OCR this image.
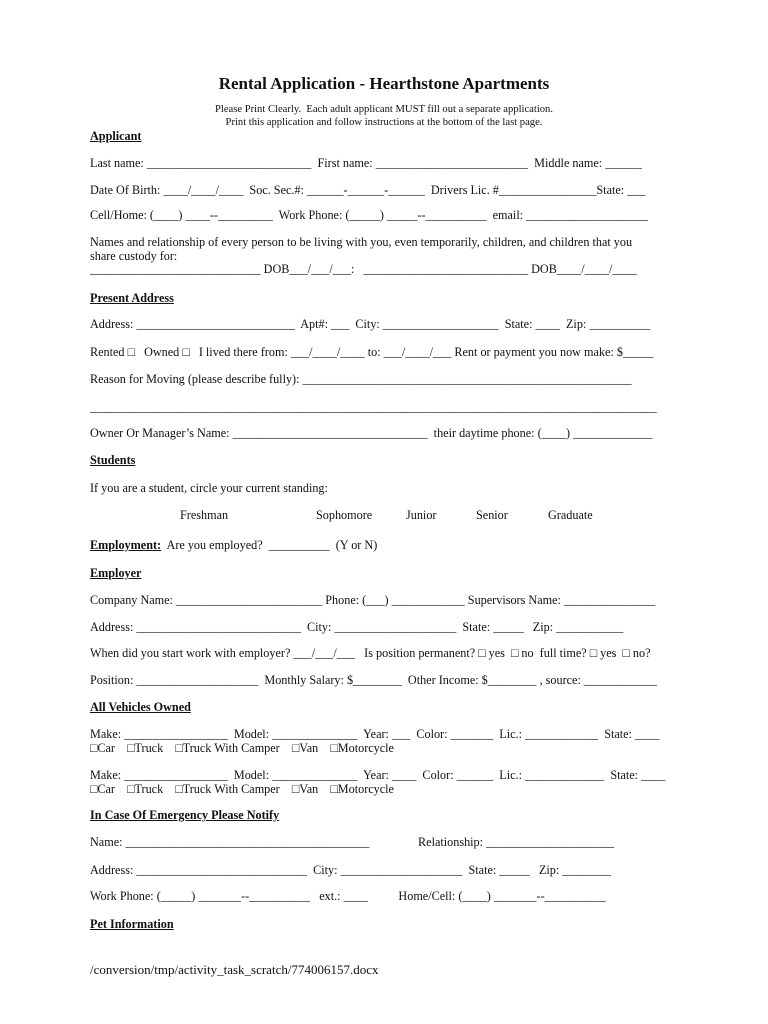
Rental Application - Hearthstone Apartments
Please Print Clearly.  Each adult applicant MUST fill out a separate application.
Print this application and follow instructions at the bottom of the last page.
Applicant
Last name: ___________________________  First name: _________________________  Middle name: ______
Date Of Birth: ____/____/____  Soc. Sec.#: ______-______-______  Drivers Lic. #________________State: ___
Cell/Home: (____) ____--_________  Work Phone: (_____) _____--__________  email: ____________________
Names and relationship of every person to be living with you, even temporarily, children, and children that you
share custody for:
____________________________ DOB___/___/___:   ___________________________ DOB____/____/____
Present Address
Address: __________________________  Apt#: ___  City: ___________________  State: ____  Zip: __________
Rented □   Owned □   I lived there from: ___/____/____ to: ___/____/___ Rent or payment you now make: $_____
Reason for Moving (please describe fully): ______________________________________________________
_____________________________________________________________________________________________
Owner Or Manager’s Name: ________________________________  their daytime phone: (____) _____________
Students
If you are a student, circle your current standing:
Freshman	Sophomore	Junior	Senior	Graduate
Employment:  Are you employed?  __________  (Y or N)
Employer
Company Name: ________________________ Phone: (___) ____________ Supervisors Name: _______________
Address: ___________________________  City: ____________________  State: _____   Zip: ___________
When did you start work with employer? ___/___/___   Is position permanent? □ yes  □ no  full time? □ yes  □ no?
Position: ____________________  Monthly Salary: $________  Other Income: $________ , source: ____________
All Vehicles Owned
Make: _________________  Model: ______________  Year: ___  Color: _______  Lic.: ____________  State: ____
□Car    □Truck    □Truck With Camper    □Van    □Motorcycle
Make: _________________  Model: ______________  Year: ____  Color: ______  Lic.: _____________  State: ____
□Car    □Truck    □Truck With Camper    □Van    □Motorcycle
In Case Of Emergency Please Notify
Name: ________________________________________                Relationship: _____________________
Address: ____________________________  City: ____________________  State: _____   Zip: ________
Work Phone: (_____) _______--__________   ext.: ____          Home/Cell: (____) _______--__________
Pet Information
/conversion/tmp/activity_task_scratch/774006157.docx
